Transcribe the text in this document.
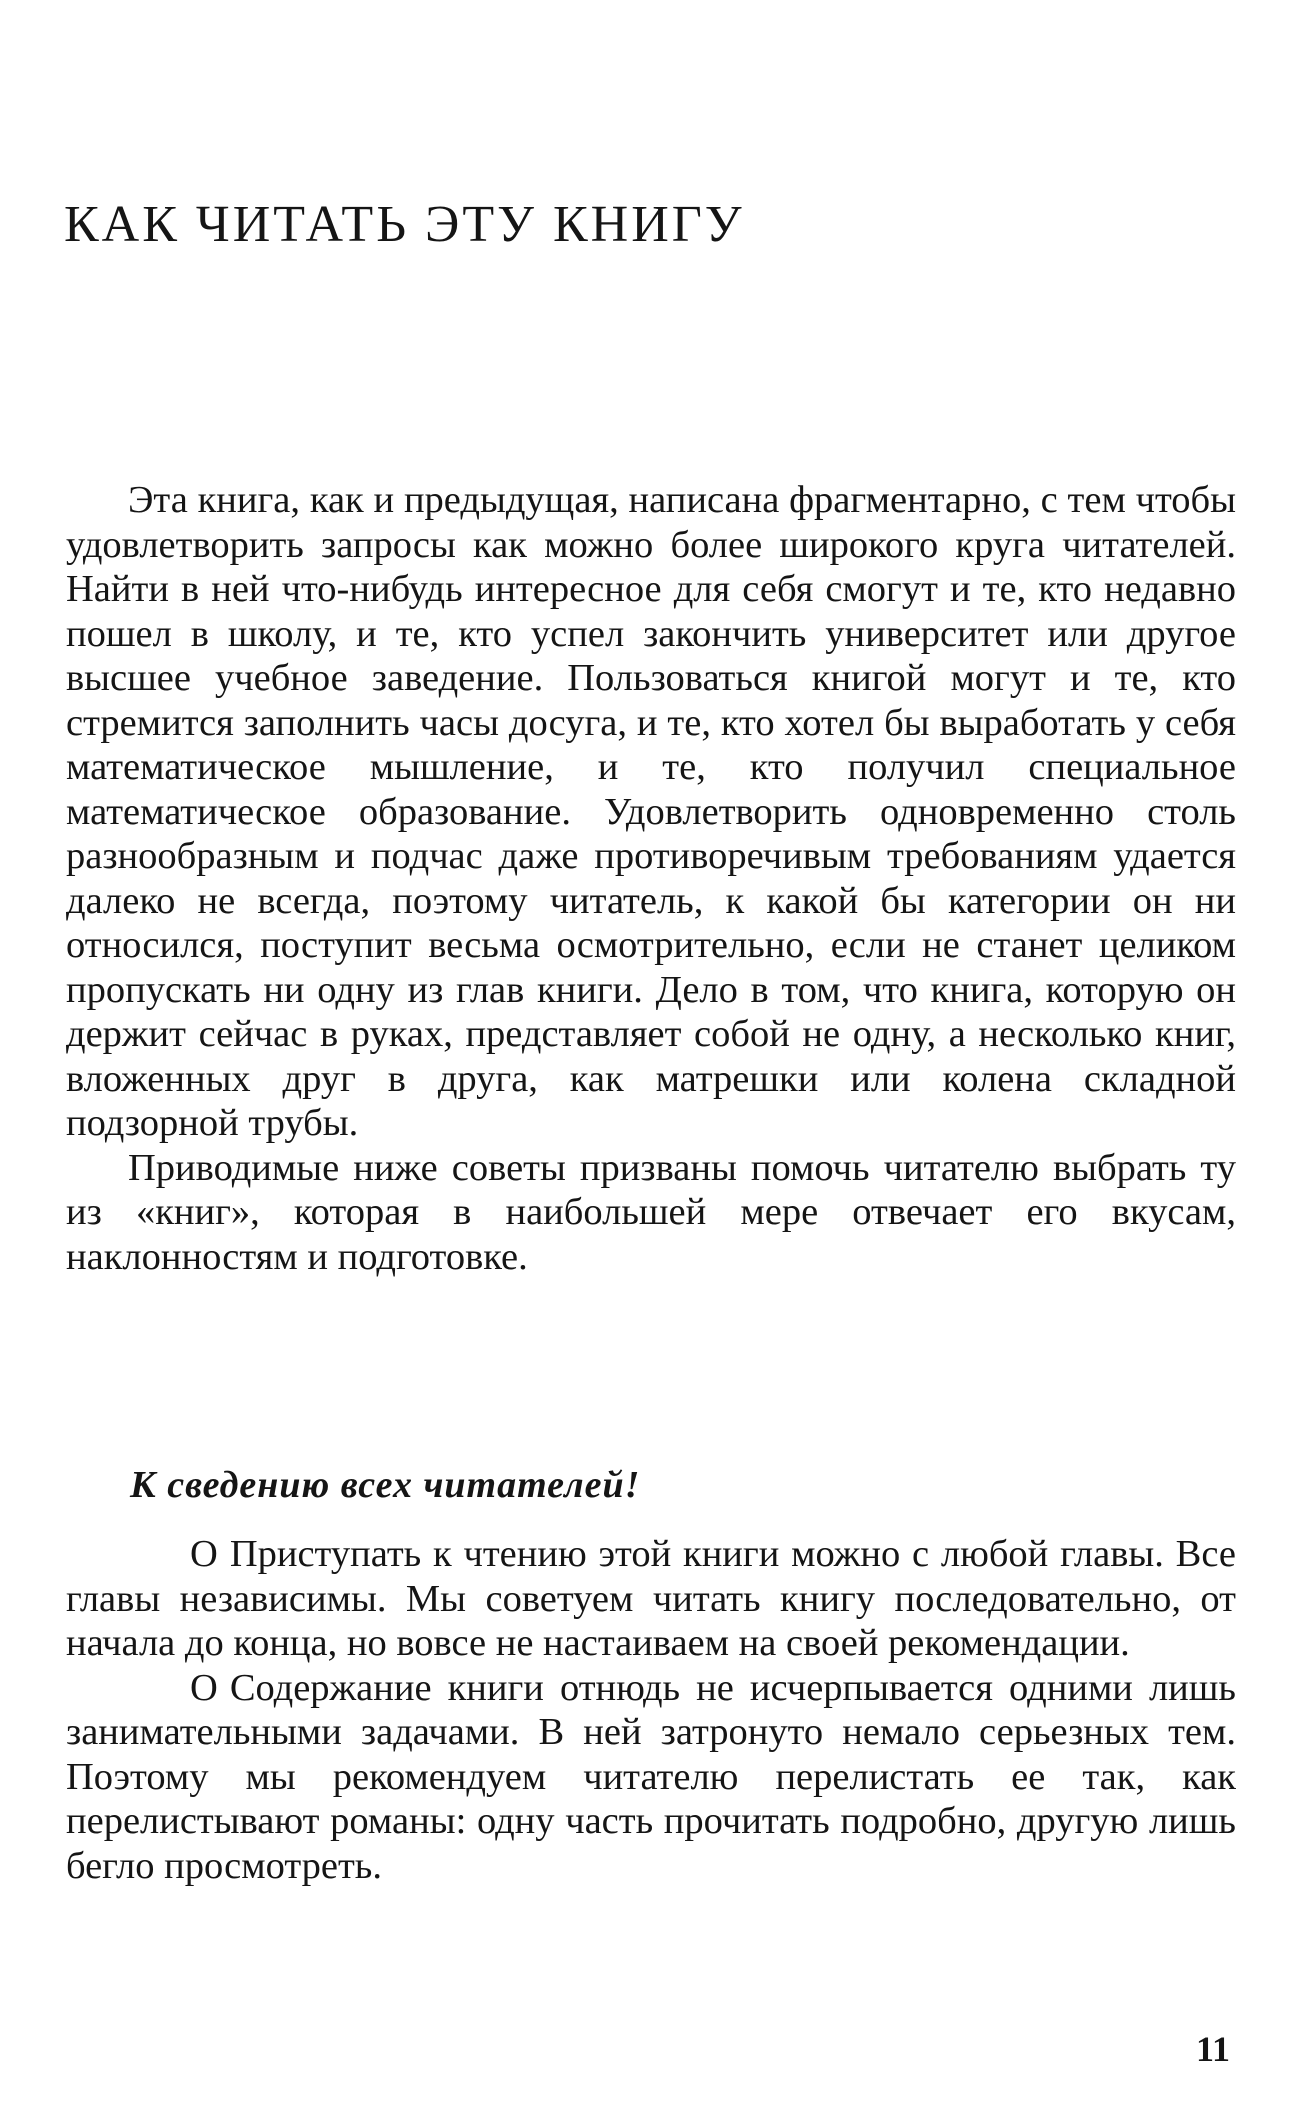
КАК ЧИТАТЬ ЭТУ КНИГУ

Эта книга, как и предыдущая, написана фрагментарно, с тем чтобы удовлетворить запросы как можно более широкого круга читателей. Найти в ней что-нибудь интересное для себя смогут и те, кто недавно пошел в школу, и те, кто успел закончить университет или другое высшее учебное заведение. Пользоваться книгой могут и те, кто стремится заполнить часы досуга, и те, кто хотел бы выработать у себя математическое мышление, и те, кто получил специальное математическое образование. Удовлетворить одновременно столь разнообразным и подчас даже противоречивым требованиям удается далеко не всегда, поэтому читатель, к какой бы категории он ни относился, поступит весьма осмотрительно, если не станет целиком пропускать ни одну из глав книги. Дело в том, что книга, которую он держит сейчас в руках, представляет собой не одну, а несколько книг, вложенных друг в друга, как матрешки или колена складной подзорной трубы.

Приводимые ниже советы призваны помочь читателю выбрать ту из «книг», которая в наибольшей мере отвечает его вкусам, наклонностям и подготовке.

К сведению всех читателей!

О Приступать к чтению этой книги можно с любой главы. Все главы независимы. Мы советуем читать книгу последовательно, от начала до конца, но вовсе не настаиваем на своей рекомендации.

О Содержание книги отнюдь не исчерпывается одними лишь занимательными задачами. В ней затронуто немало серьезных тем. Поэтому мы рекомендуем читателю перелистать ее так, как перелистывают романы: одну часть прочитать подробно, другую лишь бегло просмотреть.

11
